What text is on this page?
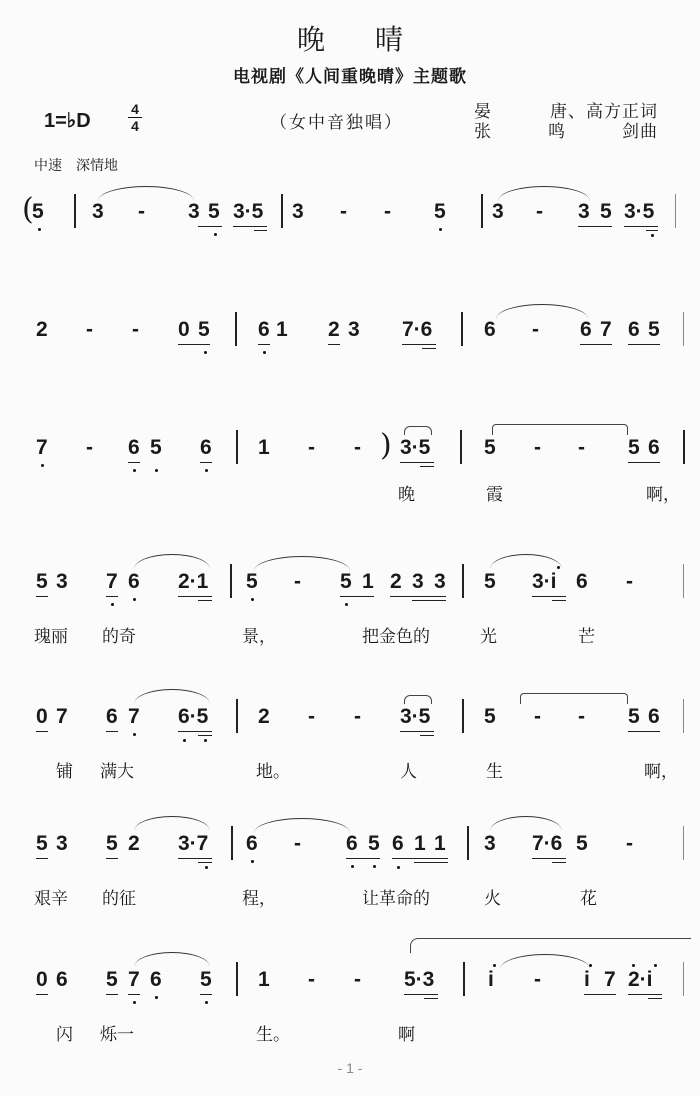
晚晴
电视剧《人间重晚晴》主题歌
1=♭D
4
4	（女中音独唱）
晏	唐、高方正词
张	鸣	剑曲
中速 深情地
(
5 3 - 3 5 3·5 3 - - 5 3 - 3 5 3·5
2 - - 0 5 6 1 2 3 7·6 6 - 6 7 6 5
7 - 6 5 6 1 - - ) 3·5	5 - - 5 6
晚	霞	啊，
5 3 7 6 2·1 5 - 5 1 2 3 3 5 3·i 6 -
瑰丽 的奇	景，	把金色的	光	芒
0 7 6 7 6·5 2 - - 3·5	5 - - 5 6
铺 满大	地。	人	生	啊，
5 3 5 2 3·7 6 - 6 5 6 1 1 3 7·6 5 -
艰辛 的征	程，	让革命的	火	花
0 6 5 7 6 5 1 - - 5·3	i - i 7 2·i
闪 烁一	生。	啊
- 1 -
